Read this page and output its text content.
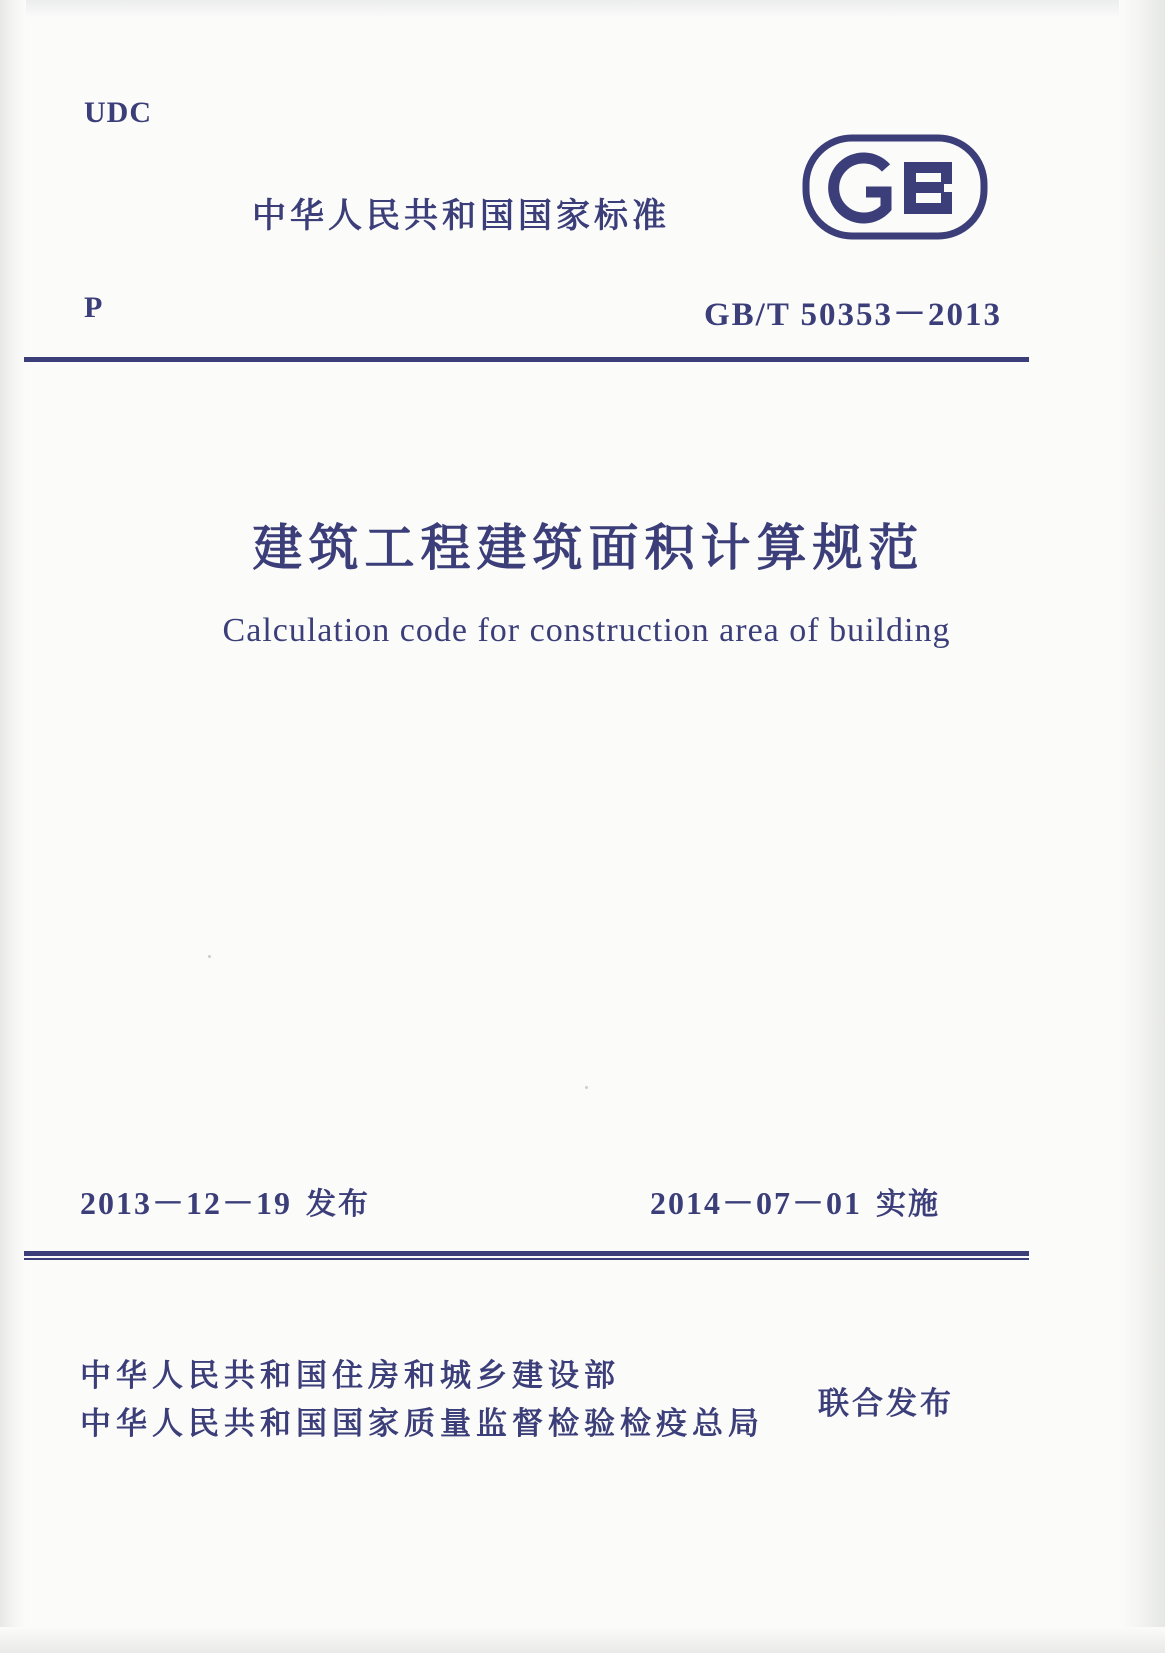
UDC
中华人民共和国国家标准
P	GB/T 50353－2013
建筑工程建筑面积计算规范
Calculation code for construction area of building
2013－12－19 发布	2014－07－01 实施
中华人民共和国住房和城乡建设部
中华人民共和国国家质量监督检验检疫总局
联合发布
